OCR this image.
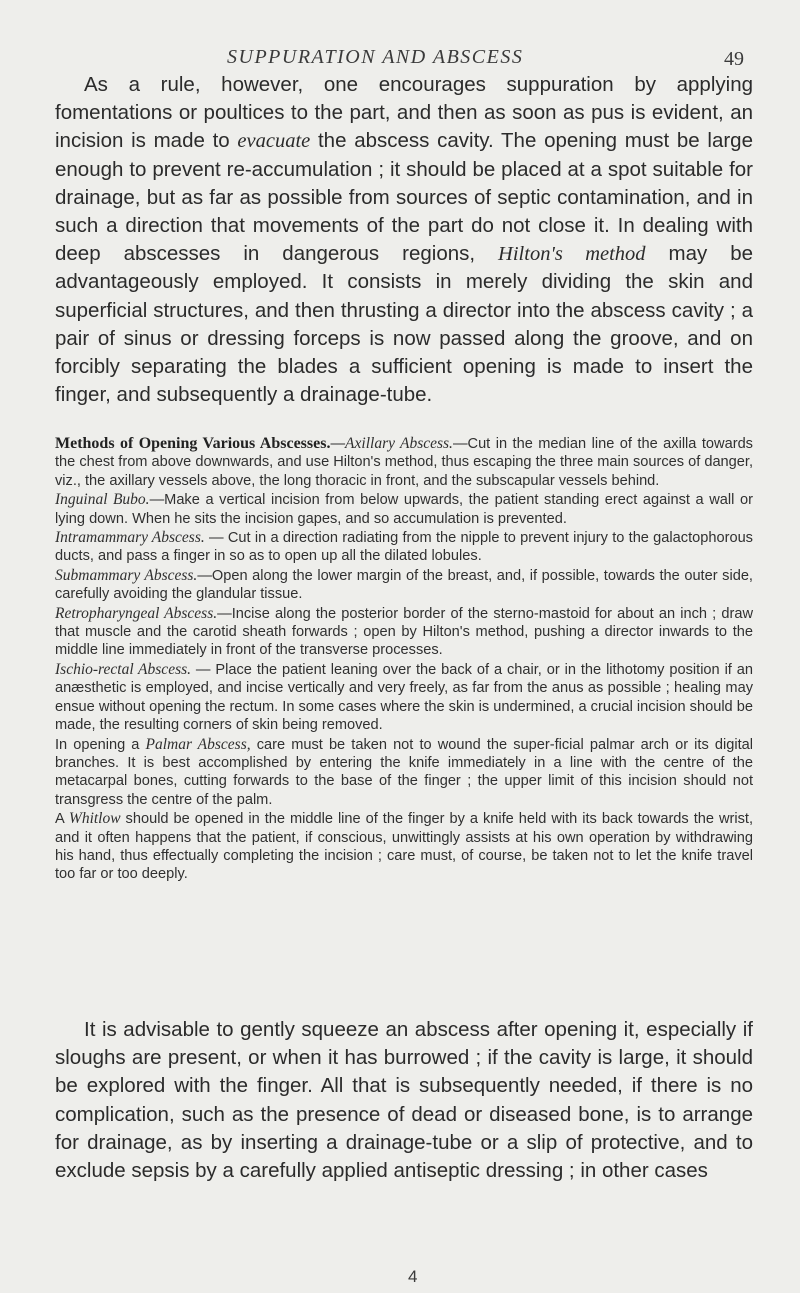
SUPPURATION AND ABSCESS	49

As a rule, however, one encourages suppuration by applying fomentations or poultices to the part, and then as soon as pus is evident, an incision is made to evacuate the abscess cavity. The opening must be large enough to prevent re-accumulation ; it should be placed at a spot suitable for drainage, but as far as possible from sources of septic contamination, and in such a direction that movements of the part do not close it. In dealing with deep abscesses in dangerous regions, Hilton's method may be advantageously employed. It consists in merely dividing the skin and superficial structures, and then thrusting a director into the abscess cavity ; a pair of sinus or dressing forceps is now passed along the groove, and on forcibly separating the blades a sufficient opening is made to insert the finger, and subsequently a drainage-tube.

Methods of Opening Various Abscesses.—Axillary Abscess.—Cut in the median line of the axilla towards the chest from above downwards, and use Hilton's method, thus escaping the three main sources of danger, viz., the axillary vessels above, the long thoracic in front, and the subscapular vessels behind.

Inguinal Bubo.—Make a vertical incision from below upwards, the patient standing erect against a wall or lying down. When he sits the incision gapes, and so accumulation is prevented.

Intramammary Abscess. — Cut in a direction radiating from the nipple to prevent injury to the galactophorous ducts, and pass a finger in so as to open up all the dilated lobules.

Submammary Abscess.—Open along the lower margin of the breast, and, if possible, towards the outer side, carefully avoiding the glandular tissue.

Retropharyngeal Abscess.—Incise along the posterior border of the sterno-mastoid for about an inch ; draw that muscle and the carotid sheath forwards ; open by Hilton's method, pushing a director inwards to the middle line immediately in front of the transverse processes.

Ischio-rectal Abscess. — Place the patient leaning over the back of a chair, or in the lithotomy position if an anæsthetic is employed, and incise vertically and very freely, as far from the anus as possible ; healing may ensue without opening the rectum. In some cases where the skin is undermined, a crucial incision should be made, the resulting corners of skin being removed.

In opening a Palmar Abscess, care must be taken not to wound the super-ficial palmar arch or its digital branches. It is best accomplished by entering the knife immediately in a line with the centre of the metacarpal bones, cutting forwards to the base of the finger ; the upper limit of this incision should not transgress the centre of the palm.

A Whitlow should be opened in the middle line of the finger by a knife held with its back towards the wrist, and it often happens that the patient, if conscious, unwittingly assists at his own operation by withdrawing his hand, thus effectually completing the incision ; care must, of course, be taken not to let the knife travel too far or too deeply.

It is advisable to gently squeeze an abscess after opening it, especially if sloughs are present, or when it has burrowed ; if the cavity is large, it should be explored with the finger. All that is subsequently needed, if there is no complication, such as the presence of dead or diseased bone, is to arrange for drainage, as by inserting a drainage-tube or a slip of protective, and to exclude sepsis by a carefully applied antiseptic dressing ; in other cases

4
